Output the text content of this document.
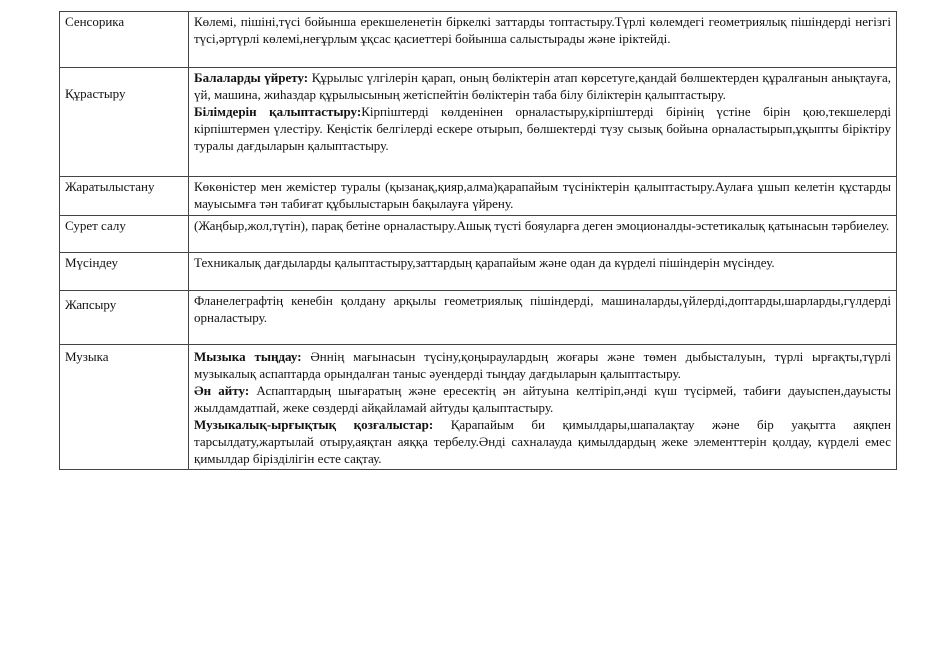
Сенсорика	Көлемі, пішіні,түсі бойынша ерекшеленетін біркелкі заттарды топтастыру.Түрлі көлемдегі геометриялық пішіндерді негізгі түсі,әртүрлі көлемі,неғұрлым ұқсас қасиеттері бойынша салыстырады және іріктейді.

Құрастыру	Балаларды үйрету: Құрылыс үлгілерін қарап, оның бөліктерін атап көрсетуге,қандай бөлшектерден құралғанын анықтауға, үй, машина, жиһаздар құрылысының жетіспейтін бөліктерін таба білу біліктерін қалыптастыру.
Білімдерін қалыптастыру:Кірпіштерді көлденінен орналастыру,кірпіштерді бірінің үстіне бірін қою,текшелерді кірпіштермен үлестіру. Кеңістік белгілерді ескере отырып, бөлшектерді түзу сызық бойына орналастырып,ұқыпты біріктіру туралы дағдыларын қалыптастыру.

Жаратылыстану	Көкөністер мен жемістер туралы (қызанақ,қияр,алма)қарапайым түсініктерін қалыптастыру.Аулаға ұшып келетін құстарды мауысымға тән табиғат құбылыстарын бақылауға үйрену.

Сурет салу	(Жаңбыр,жол,түтін), парақ бетіне орналастыру.Ашық түсті бояуларға деген эмоционалды-эстетикалық қатынасын тәрбиелеу.

Мүсіндеу	Техникалық дағдыларды қалыптастыру,заттардың қарапайым және одан да күрделі пішіндерін мүсіндеу.

Жапсыру	Фланелеграфтің кенебін қолдану арқылы геометриялық пішіндерді, машиналарды,үйлерді,доптарды,шарларды,гүлдерді орналастыру.

Музыка	Мызыка тыңдау: Әннің мағынасын түсіну,қоңыраулардың жоғары және төмен дыбысталуын, түрлі ырғақты,түрлі музыкалық аспаптарда орындалған таныс әуендерді тыңдау дағдыларын қалыптастыру.
Ән айту: Аспаптардың шығаратың және ересектің ән айтуына келтіріп,әнді күш түсірмей, табиғи дауыспен,дауысты жылдамдатпай, жеке сөздерді айқайламай айтуды қалыптастыру.
Музыкалық-ырғықтық қозғалыстар: Қарапайым би қимылдары,шапалақтау және бір уақытта аяқпен тарсылдату,жартылай отыру,аяқтан аяққа тербелу.Әнді сахналауда қимылдардың жеке элементтерін қолдау, күрделі емес қимылдар бірізділігін есте сақтау.
